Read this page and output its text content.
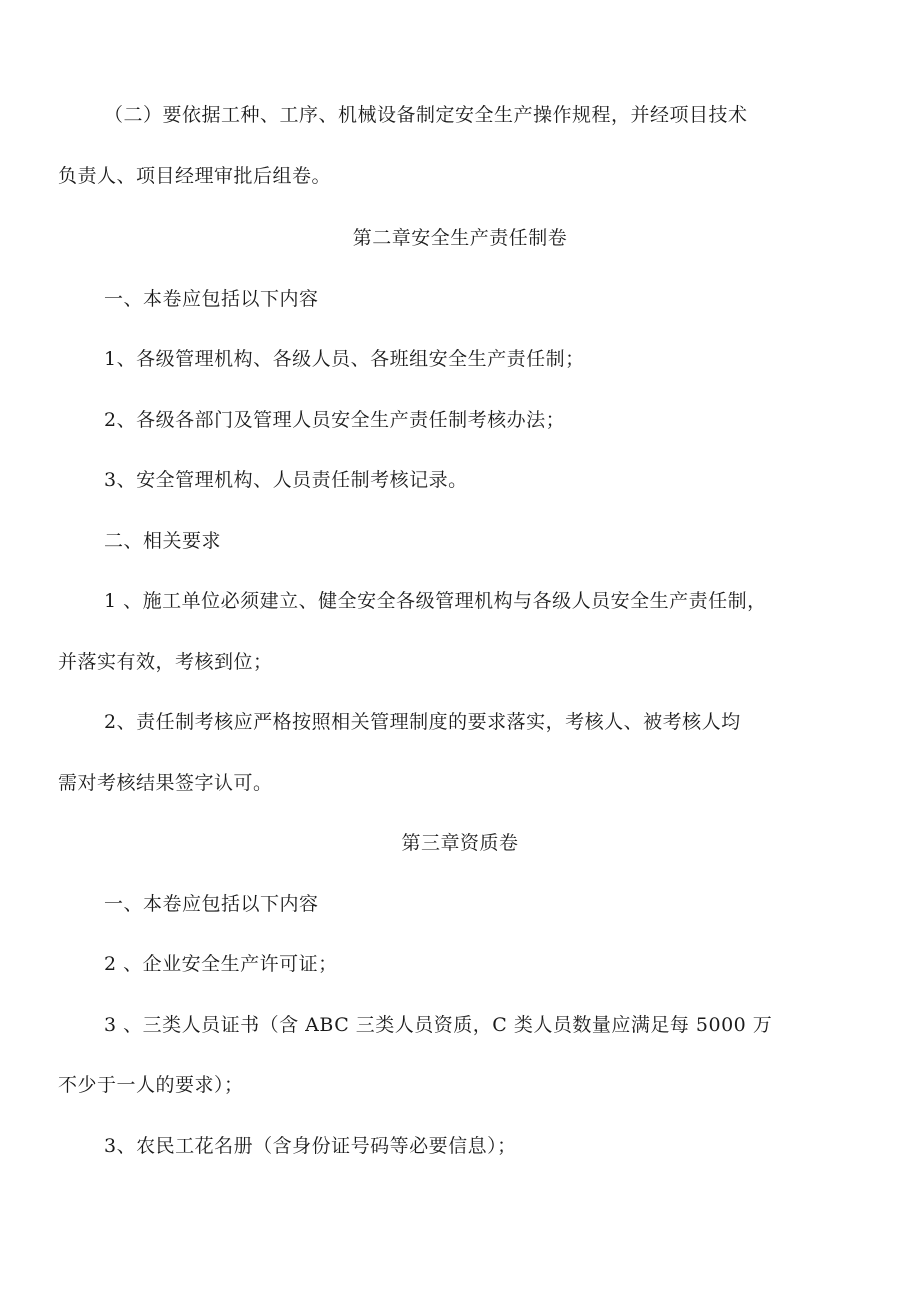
（二）要依据工种、工序、机械设备制定安全生产操作规程，并经项目技术
负责人、项目经理审批后组卷。
第二章安全生产责任制卷
一、本卷应包括以下内容
1、各级管理机构、各级人员、各班组安全生产责任制；
2、各级各部门及管理人员安全生产责任制考核办法；
3、安全管理机构、人员责任制考核记录。
二、相关要求
1 、施工单位必须建立、健全安全各级管理机构与各级人员安全生产责任制，
并落实有效，考核到位；
2、责任制考核应严格按照相关管理制度的要求落实，考核人、被考核人均
需对考核结果签字认可。
第三章资质卷
一、本卷应包括以下内容
2 、企业安全生产许可证；
3 、三类人员证书（含 ABC 三类人员资质，C 类人员数量应满足每 5000 万
不少于一人的要求）；
3、农民工花名册（含身份证号码等必要信息）；
